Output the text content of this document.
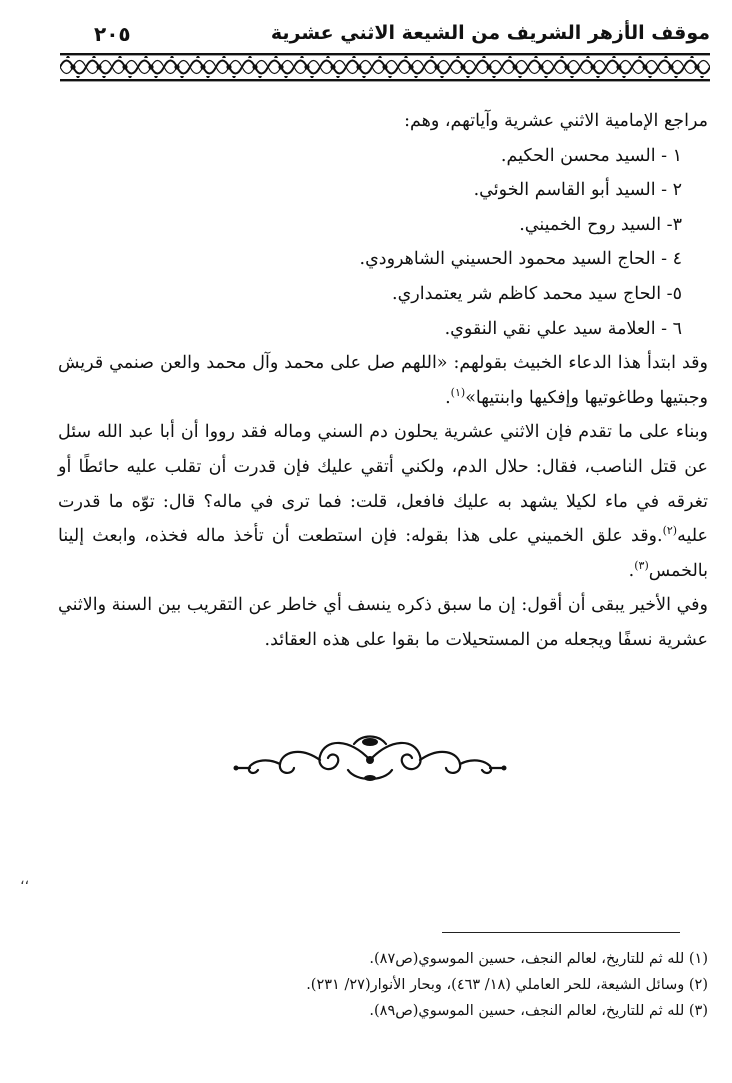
موقف الأزهر الشريف من الشيعة الاثني عشرية
٢٠٥

مراجع الإمامية الاثني عشرية وآياتهم، وهم:

١ - السيد محسن الحكيم.

٢ - السيد أبو القاسم الخوئي.

٣- السيد روح الخميني.

٤ - الحاج السيد محمود الحسيني الشاهرودي.

٥- الحاج سيد محمد كاظم شر يعتمداري.

٦ - العلامة سيد علي نقي النقوي.

وقد ابتدأ هذا الدعاء الخبيث بقولهم: «اللهم صل على محمد وآل محمد والعن صنمي قريش وجبتيها وطاغوتيها وإفكيها وابنتيها»$^{(١)}$.

وبناء على ما تقدم فإن الاثني عشرية يحلون دم السني وماله فقد رووا أن أبا عبد الله سئل عن قتل الناصب، فقال: حلال الدم، ولكني أتقي عليك فإن قدرت أن تقلب عليه حائطًا أو تغرقه في ماء لكيلا يشهد به عليك فافعل، قلت: فما ترى في ماله؟ قال: توّه ما قدرت عليه$^{(٢)}$.وقد علق الخميني على هذا بقوله: فإن استطعت أن تأخذ ماله فخذه، وابعث إلينا بالخمس$^{(٣)}$.

وفي الأخير يبقى أن أقول: إن ما سبق ذكره ينسف أي خاطر عن التقريب بين السنة والاثني عشرية نسفًا ويجعله من المستحيلات ما بقوا على هذه العقائد.

،،

(١) لله ثم للتاريخ، لعالم النجف، حسين الموسوي(ص٨٧).

(٢) وسائل الشيعة، للحر العاملي (١٨/ ٤٦٣)، وبحار الأنوار(٢٧/ ٢٣١).

(٣) لله ثم للتاريخ، لعالم النجف، حسين الموسوي(ص٨٩).
